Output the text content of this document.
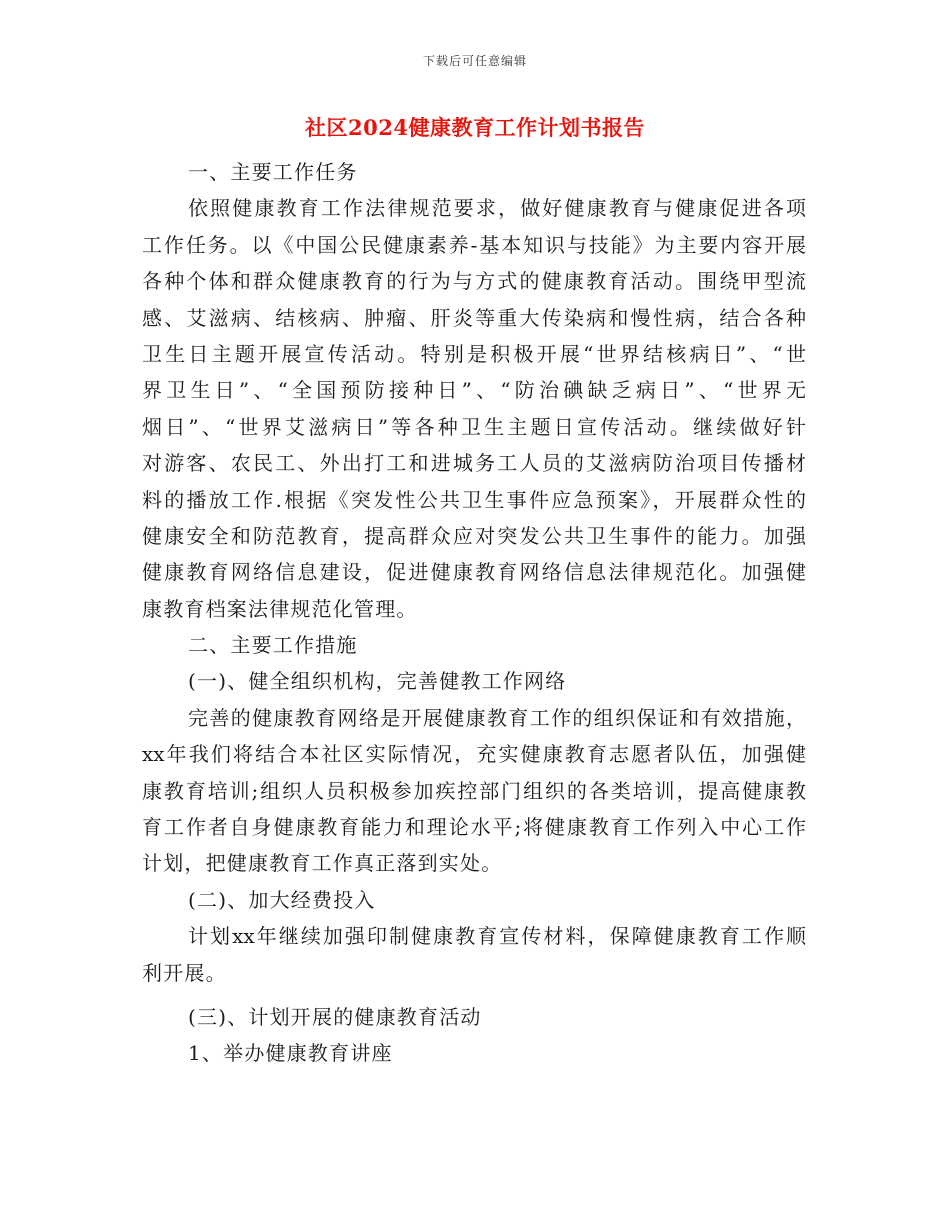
下载后可任意编辑
社区2024健康教育工作计划书报告
一、主要工作任务
依照健康教育工作法律规范要求，做好健康教育与健康促进各项
工作任务。以《中国公民健康素养-基本知识与技能》为主要内容开展
各种个体和群众健康教育的行为与方式的健康教育活动。围绕甲型流
感、艾滋病、结核病、肿瘤、肝炎等重大传染病和慢性病，结合各种
卫生日主题开展宣传活动。特别是积极开展“世界结核病日”、“世
界卫生日”、“全国预防接种日”、“防治碘缺乏病日”、“世界无
烟日”、“世界艾滋病日”等各种卫生主题日宣传活动。继续做好针
对游客、农民工、外出打工和进城务工人员的艾滋病防治项目传播材
料的播放工作.根据《突发性公共卫生事件应急预案》，开展群众性的
健康安全和防范教育，提高群众应对突发公共卫生事件的能力。加强
健康教育网络信息建设，促进健康教育网络信息法律规范化。加强健
康教育档案法律规范化管理。
二、主要工作措施
(一)、健全组织机构，完善健教工作网络
完善的健康教育网络是开展健康教育工作的组织保证和有效措施，
xx年我们将结合本社区实际情况，充实健康教育志愿者队伍，加强健
康教育培训;组织人员积极参加疾控部门组织的各类培训，提高健康教
育工作者自身健康教育能力和理论水平;将健康教育工作列入中心工作
计划，把健康教育工作真正落到实处。
(二)、加大经费投入
计划xx年继续加强印制健康教育宣传材料，保障健康教育工作顺
利开展。
(三)、计划开展的健康教育活动
1、举办健康教育讲座
